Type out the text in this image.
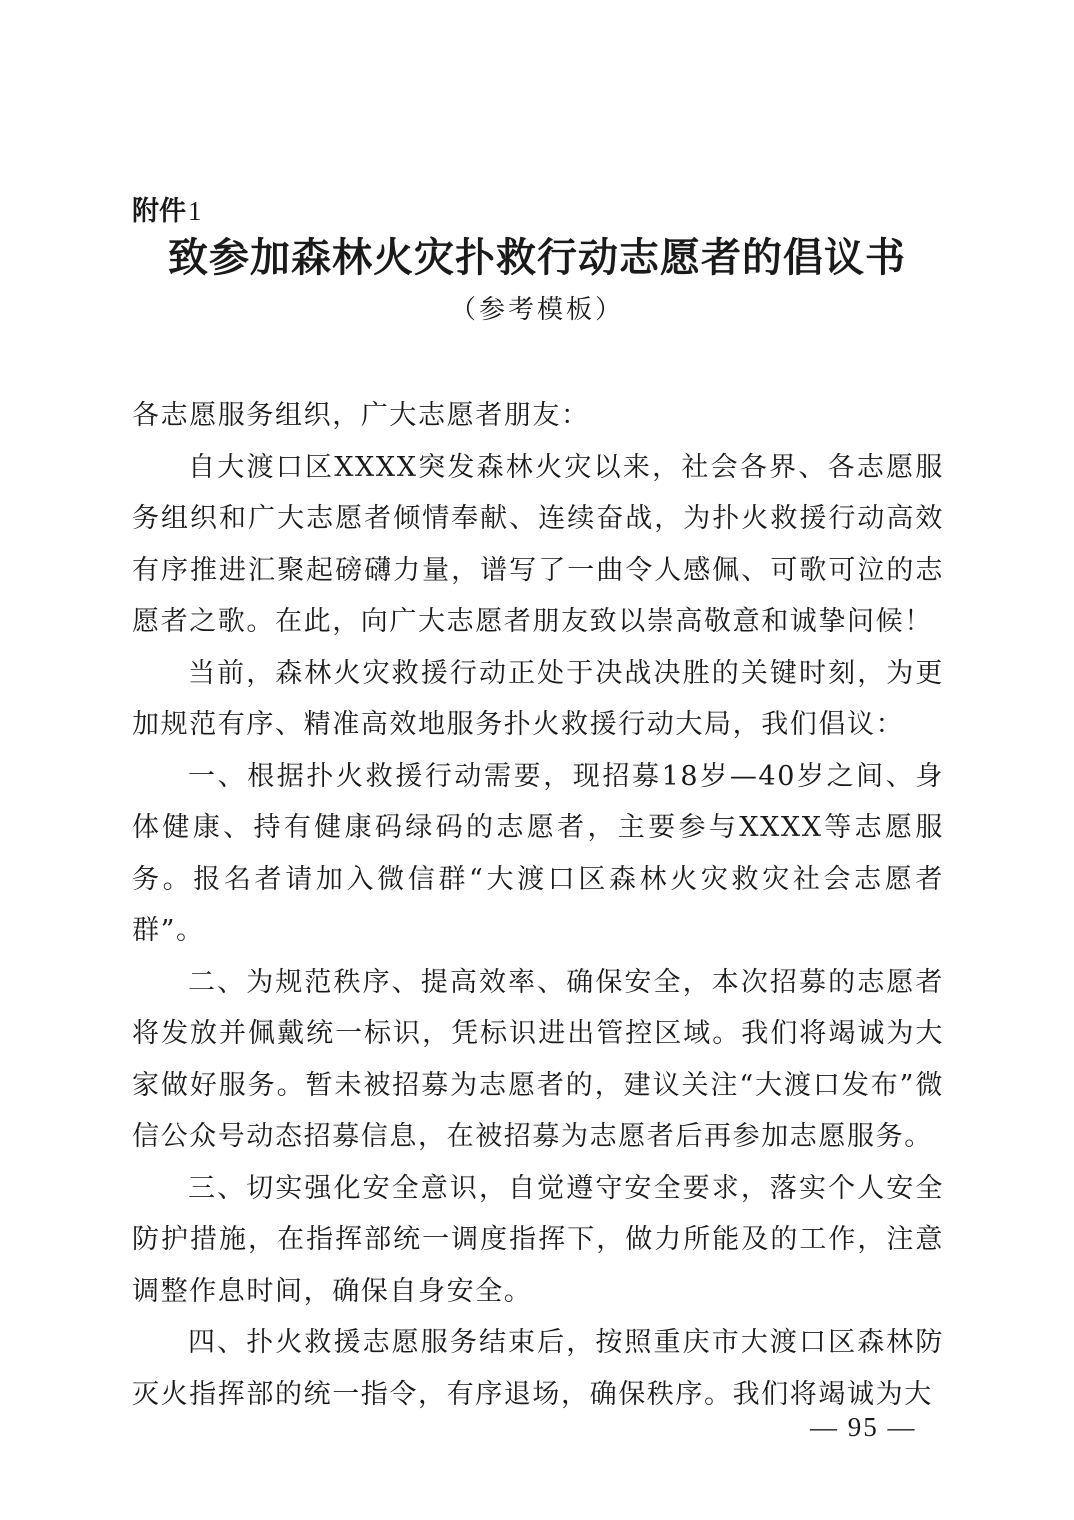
附件1
致参加森林火灾扑救行动志愿者的倡议书
（参考模板）

各志愿服务组织，广大志愿者朋友：

自大渡口区XXXX突发森林火灾以来，社会各界、各志愿服务组织和广大志愿者倾情奉献、连续奋战，为扑火救援行动高效有序推进汇聚起磅礴力量，谱写了一曲令人感佩、可歌可泣的志愿者之歌。在此，向广大志愿者朋友致以崇高敬意和诚挚问候！

当前，森林火灾救援行动正处于决战决胜的关键时刻，为更加规范有序、精准高效地服务扑火救援行动大局，我们倡议：

一、根据扑火救援行动需要，现招募18岁—40岁之间、身体健康、持有健康码绿码的志愿者，主要参与XXXX等志愿服务。报名者请加入微信群“大渡口区森林火灾救灾社会志愿者群”。

二、为规范秩序、提高效率、确保安全，本次招募的志愿者将发放并佩戴统一标识，凭标识进出管控区域。我们将竭诚为大家做好服务。暂未被招募为志愿者的，建议关注“大渡口发布”微信公众号动态招募信息，在被招募为志愿者后再参加志愿服务。

三、切实强化安全意识，自觉遵守安全要求，落实个人安全防护措施，在指挥部统一调度指挥下，做力所能及的工作，注意调整作息时间，确保自身安全。

四、扑火救援志愿服务结束后，按照重庆市大渡口区森林防灭火指挥部的统一指令，有序退场，确保秩序。我们将竭诚为大

— 95 —
